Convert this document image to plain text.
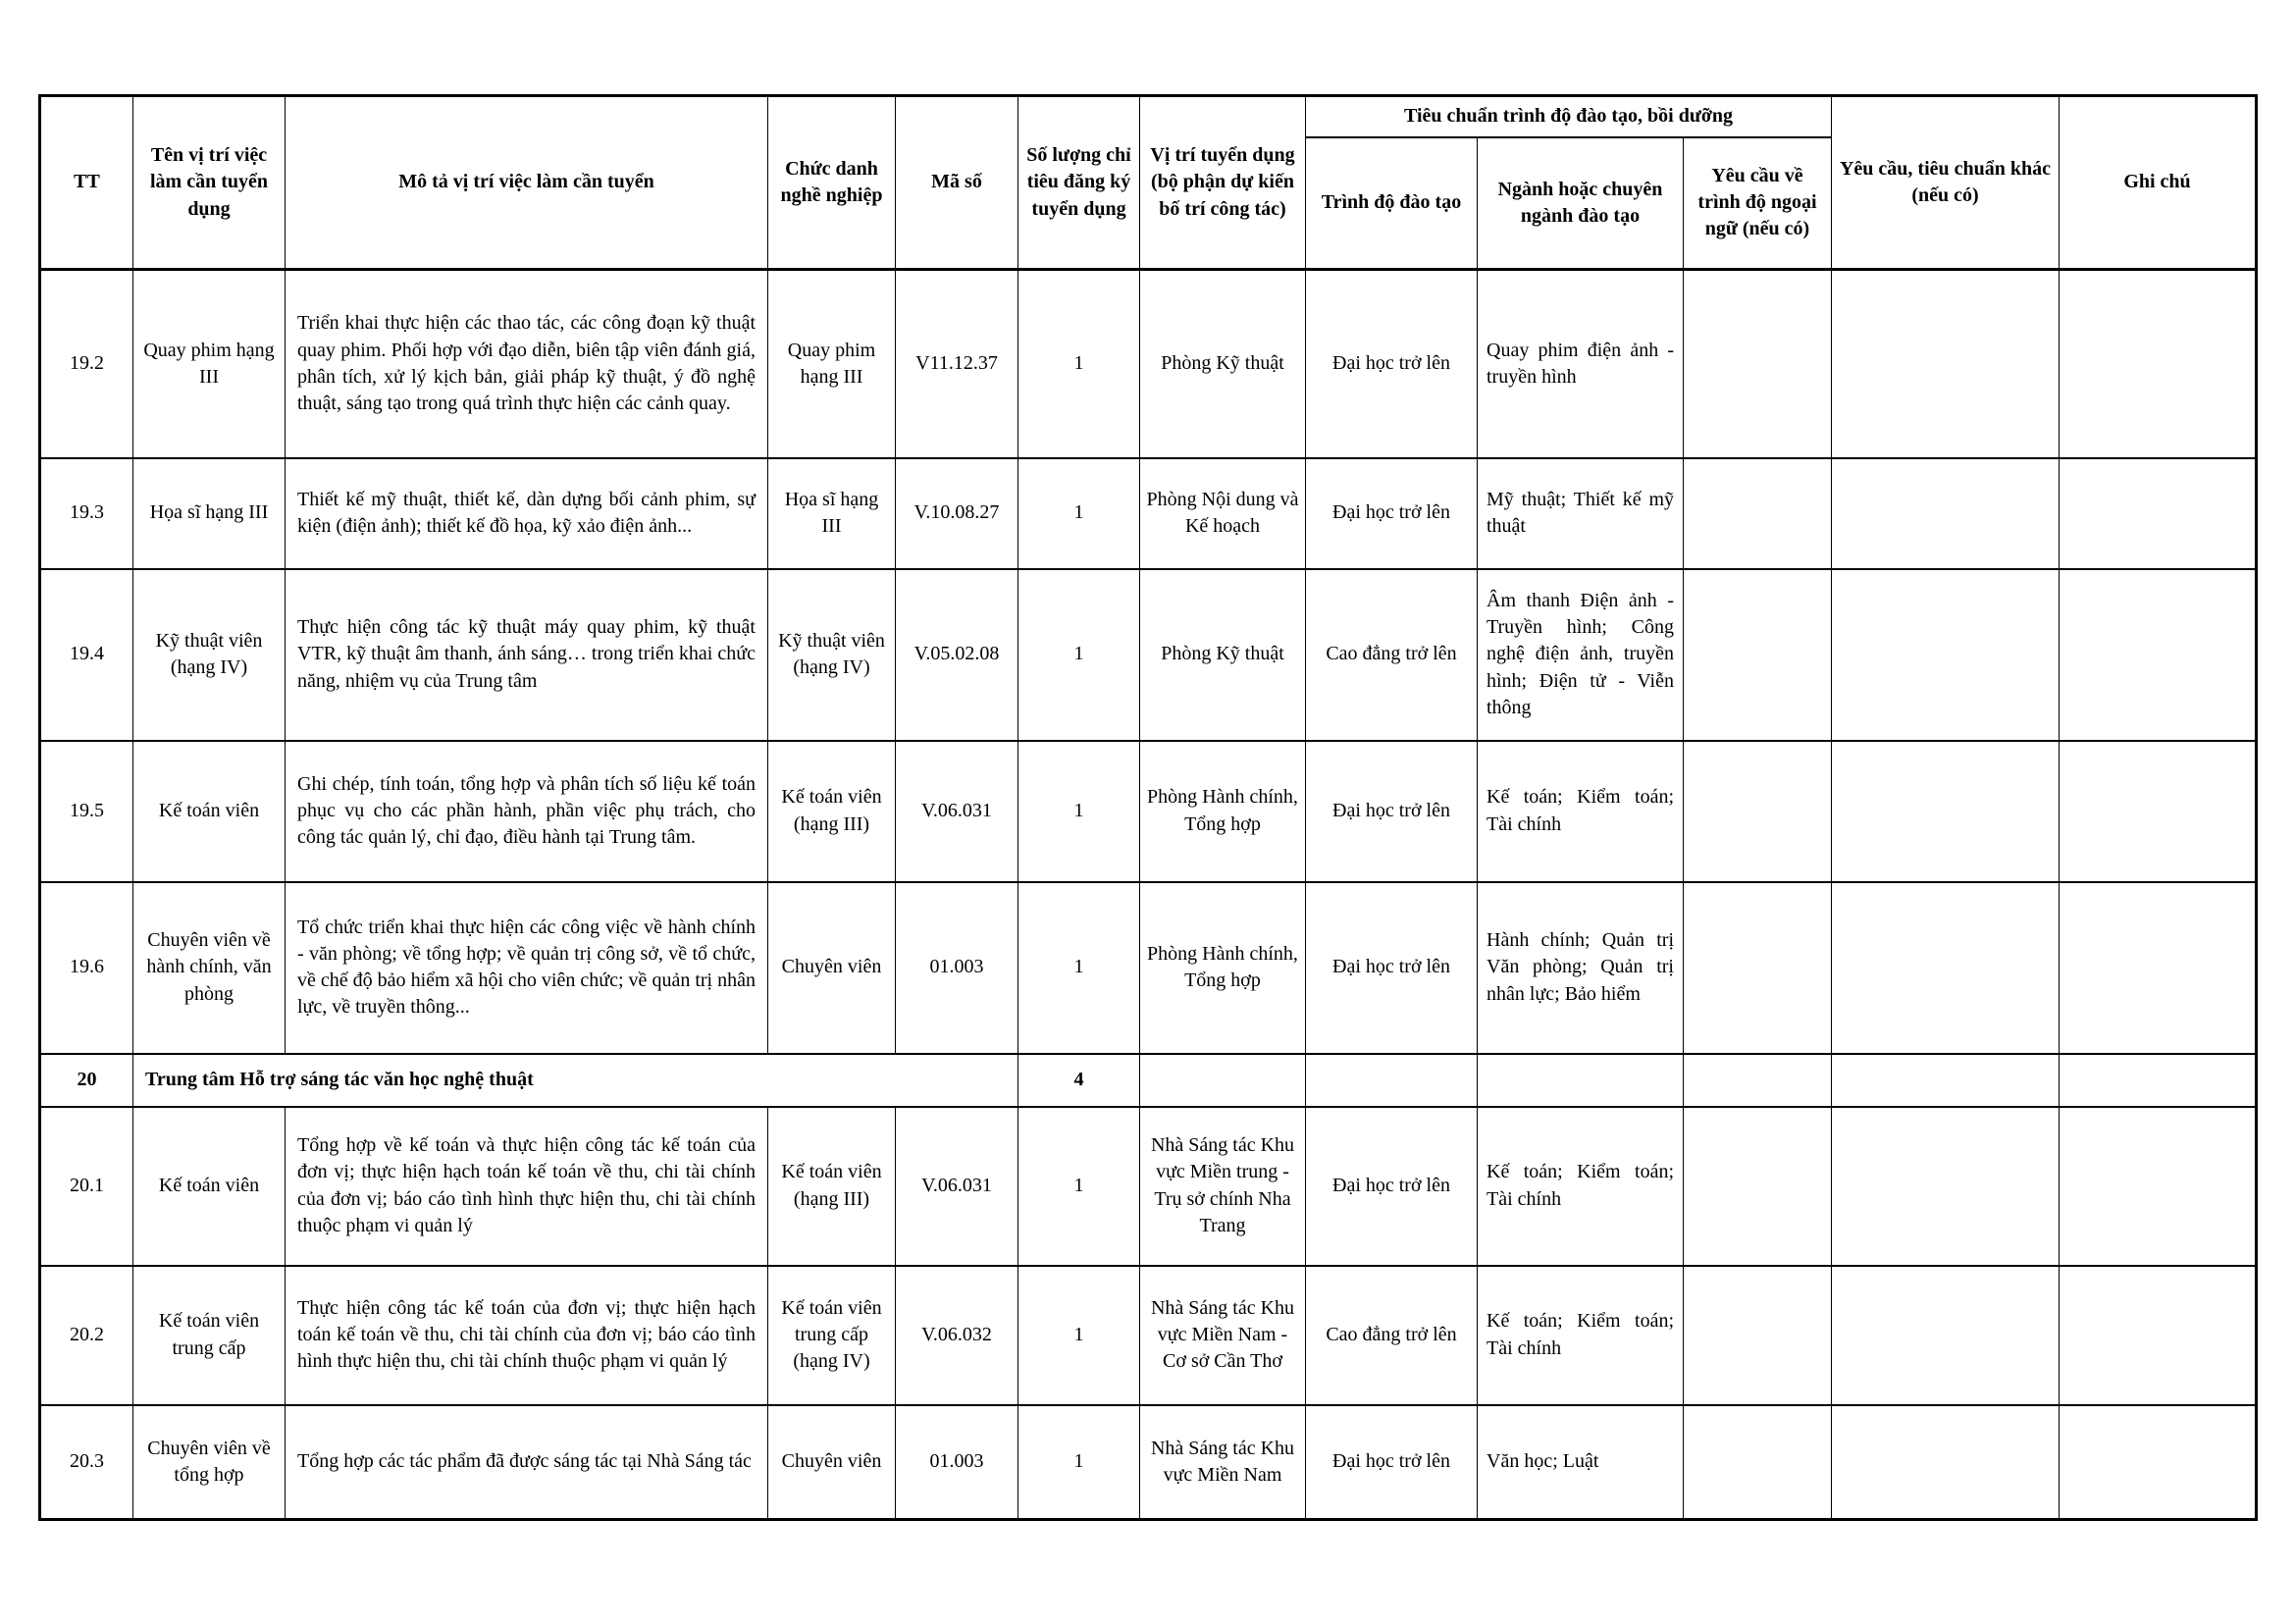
TT	Tên vị trí việc làm cần tuyển dụng	Mô tả vị trí việc làm cần tuyển	Chức danh nghề nghiệp	Mã số	Số lượng chỉ tiêu đăng ký tuyển dụng	Vị trí tuyển dụng (bộ phận dự kiến bố trí công tác)	Tiêu chuẩn trình độ đào tạo, bồi dưỡng			Yêu cầu, tiêu chuẩn khác (nếu có)	Ghi chú
							Trình độ đào tạo	Ngành hoặc chuyên ngành đào tạo	Yêu cầu về trình độ ngoại ngữ (nếu có)		
19.2	Quay phim hạng III	Triển khai thực hiện các thao tác, các công đoạn kỹ thuật quay phim. Phối hợp với đạo diễn, biên tập viên đánh giá, phân tích, xử lý kịch bản, giải pháp kỹ thuật, ý đồ nghệ thuật, sáng tạo trong quá trình thực hiện các cảnh quay.	Quay phim hạng III	V11.12.37	1	Phòng Kỹ thuật	Đại học trở lên	Quay phim điện ảnh - truyền hình			
19.3	Họa sĩ hạng III	Thiết kế mỹ thuật, thiết kế, dàn dựng bối cảnh phim, sự kiện (điện ảnh); thiết kế đồ họa, kỹ xảo điện ảnh...	Họa sĩ hạng III	V.10.08.27	1	Phòng Nội dung và Kế hoạch	Đại học trở lên	Mỹ thuật; Thiết kế mỹ thuật			
19.4	Kỹ thuật viên (hạng IV)	Thực hiện công tác kỹ thuật máy quay phim, kỹ thuật VTR, kỹ thuật âm thanh, ánh sáng… trong triển khai chức năng, nhiệm vụ của Trung tâm	Kỹ thuật viên (hạng IV)	V.05.02.08	1	Phòng Kỹ thuật	Cao đẳng trở lên	Âm thanh Điện ảnh - Truyền hình; Công nghệ điện ảnh, truyền hình; Điện tử - Viễn thông			
19.5	Kế toán viên	Ghi chép, tính toán, tổng hợp và phân tích số liệu kế toán phục vụ cho các phần hành, phần việc phụ trách, cho công tác quản lý, chỉ đạo, điều hành tại Trung tâm.	Kế toán viên (hạng III)	V.06.031	1	Phòng Hành chính, Tổng hợp	Đại học trở lên	Kế toán; Kiểm toán; Tài chính			
19.6	Chuyên viên về hành chính, văn phòng	Tổ chức triển khai thực hiện các công việc về hành chính - văn phòng; về tổng hợp; về quản trị công sở, về tổ chức, về chế độ bảo hiểm xã hội cho viên chức; về quản trị nhân lực, về truyền thông...	Chuyên viên	01.003	1	Phòng Hành chính, Tổng hợp	Đại học trở lên	Hành chính; Quản trị Văn phòng; Quản trị nhân lực; Bảo hiểm			
20	Trung tâm Hỗ trợ sáng tác văn học nghệ thuật				4						
20.1	Kế toán viên	Tổng hợp về kế toán và thực hiện công tác kế toán của đơn vị; thực hiện hạch toán kế toán về thu, chi tài chính của đơn vị; báo cáo tình hình thực hiện thu, chi tài chính thuộc phạm vi quản lý	Kế toán viên (hạng III)	V.06.031	1	Nhà Sáng tác Khu vực Miền trung - Trụ sở chính Nha Trang	Đại học trở lên	Kế toán; Kiểm toán; Tài chính			
20.2	Kế toán viên trung cấp	Thực hiện công tác kế toán của đơn vị; thực hiện hạch toán kế toán về thu, chi tài chính của đơn vị; báo cáo tình hình thực hiện thu, chi tài chính thuộc phạm vi quản lý	Kế toán viên trung cấp (hạng IV)	V.06.032	1	Nhà Sáng tác Khu vực Miền Nam - Cơ sở Cần Thơ	Cao đẳng trở lên	Kế toán; Kiểm toán; Tài chính			
20.3	Chuyên viên về tổng hợp	Tổng hợp các tác phẩm đã được sáng tác tại Nhà Sáng tác	Chuyên viên	01.003	1	Nhà Sáng tác Khu vực Miền Nam	Đại học trở lên	Văn học; Luật			
